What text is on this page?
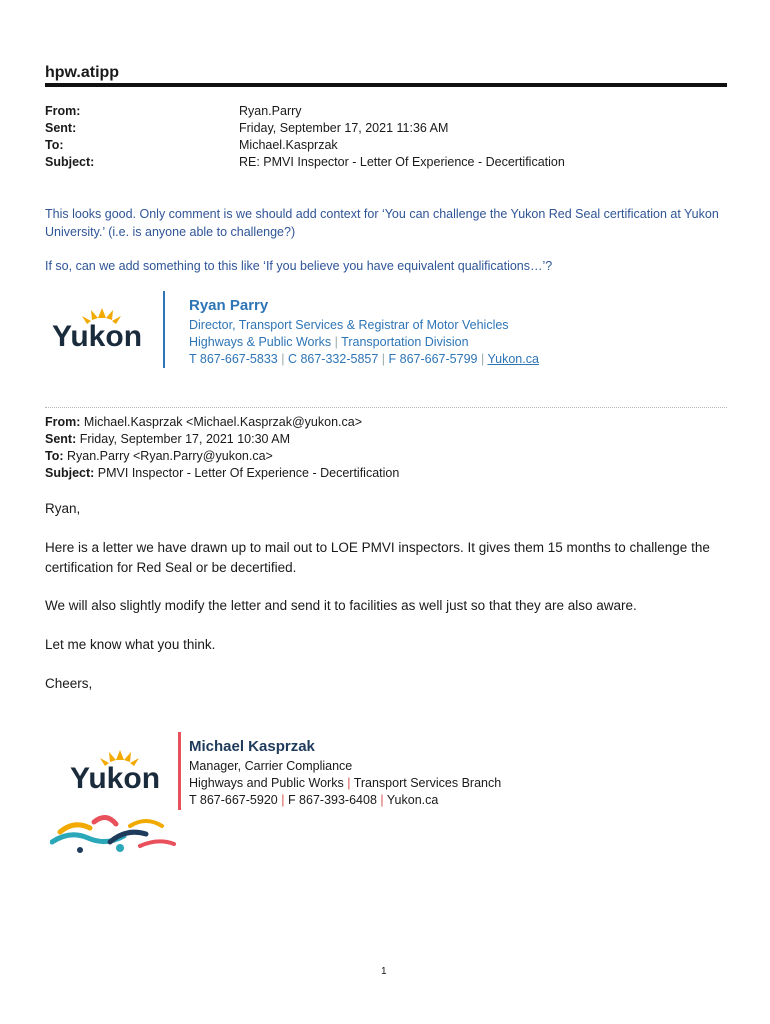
hpw.atipp
From:	Ryan.Parry
Sent:	Friday, September 17, 2021 11:36 AM
To:	Michael.Kasprzak
Subject:	RE: PMVI Inspector - Letter Of Experience - Decertification
This looks good. Only comment is we should add context for ‘You can challenge the Yukon Red Seal certification at Yukon University.’ (i.e. is anyone able to challenge?)
If so, can we add something to this like ‘If you believe you have equivalent qualifications…’?
Yukon
Ryan Parry
Director, Transport Services & Registrar of Motor Vehicles
Highways & Public Works | Transportation Division
T 867-667-5833 | C 867-332-5857 | F 867-667-5799 | Yukon.ca
From: Michael.Kasprzak <Michael.Kasprzak@yukon.ca>
Sent: Friday, September 17, 2021 10:30 AM
To: Ryan.Parry <Ryan.Parry@yukon.ca>
Subject: PMVI Inspector - Letter Of Experience - Decertification
Ryan,
Here is a letter we have drawn up to mail out to LOE PMVI inspectors. It gives them 15 months to challenge the certification for Red Seal or be decertified.
We will also slightly modify the letter and send it to facilities as well just so that they are also aware.
Let me know what you think.
Cheers,
Yukon
Michael Kasprzak
Manager, Carrier Compliance
Highways and Public Works | Transport Services Branch
T 867-667-5920 | F 867-393-6408 | Yukon.ca
1
